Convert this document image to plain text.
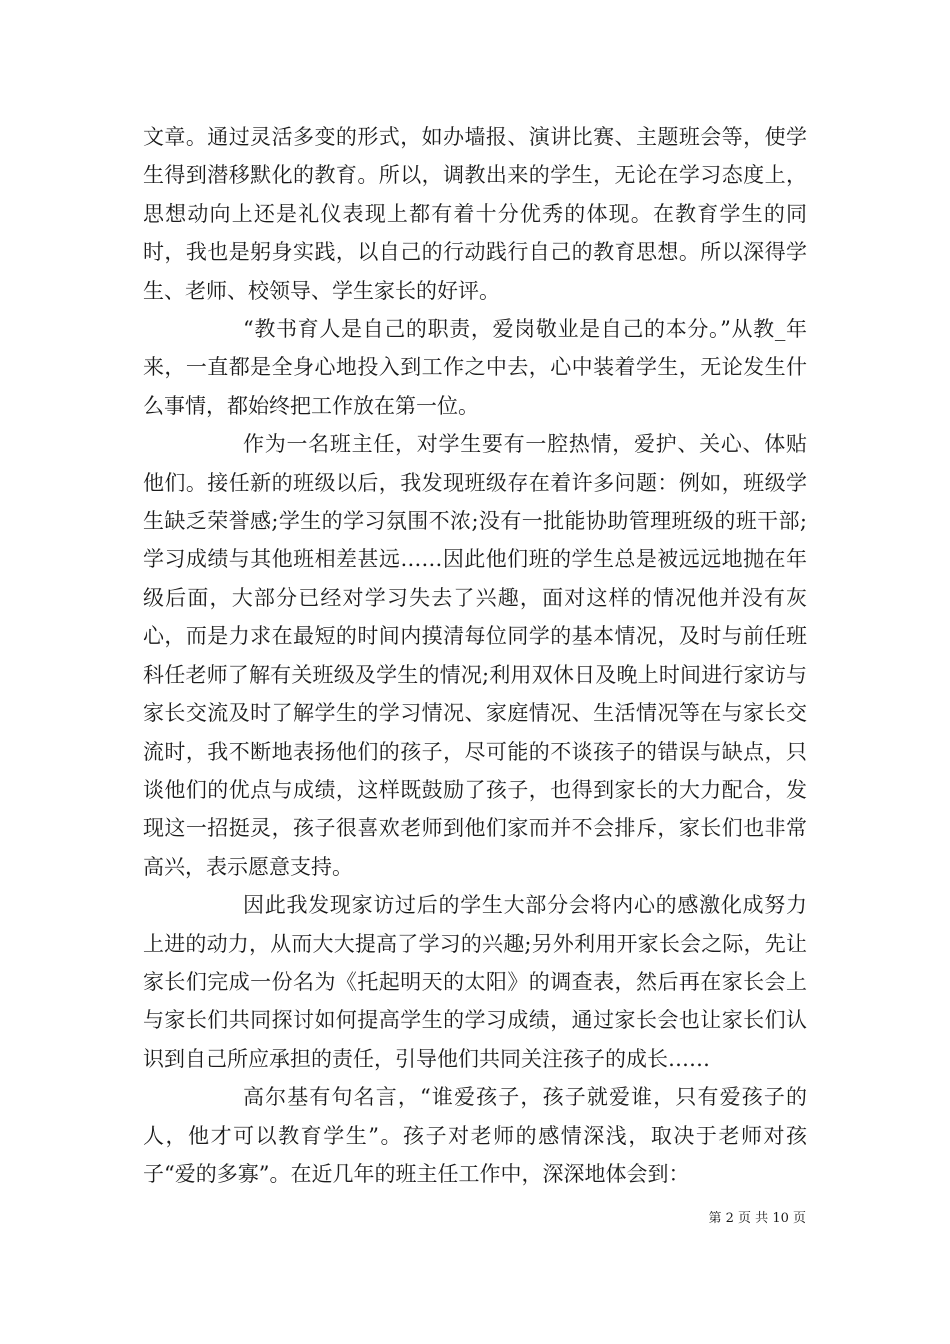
文章。通过灵活多变的形式，如办墙报、演讲比赛、主题班会等，使学生得到潜移默化的教育。所以，调教出来的学生，无论在学习态度上，思想动向上还是礼仪表现上都有着十分优秀的体现。在教育学生的同时，我也是躬身实践，以自己的行动践行自己的教育思想。所以深得学生、老师、校领导、学生家长的好评。

“教书育人是自己的职责，爱岗敬业是自己的本分。”从教_年来，一直都是全身心地投入到工作之中去，心中装着学生，无论发生什么事情，都始终把工作放在第一位。

作为一名班主任，对学生要有一腔热情，爱护、关心、体贴他们。接任新的班级以后，我发现班级存在着许多问题：例如，班级学生缺乏荣誉感;学生的学习氛围不浓;没有一批能协助管理班级的班干部;学习成绩与其他班相差甚远……因此他们班的学生总是被远远地抛在年级后面，大部分已经对学习失去了兴趣，面对这样的情况他并没有灰心，而是力求在最短的时间内摸清每位同学的基本情况，及时与前任班科任老师了解有关班级及学生的情况;利用双休日及晚上时间进行家访与家长交流及时了解学生的学习情况、家庭情况、生活情况等在与家长交流时，我不断地表扬他们的孩子，尽可能的不谈孩子的错误与缺点，只谈他们的优点与成绩，这样既鼓励了孩子，也得到家长的大力配合，发现这一招挺灵，孩子很喜欢老师到他们家而并不会排斥，家长们也非常高兴，表示愿意支持。

因此我发现家访过后的学生大部分会将内心的感激化成努力上进的动力，从而大大提高了学习的兴趣;另外利用开家长会之际，先让家长们完成一份名为《托起明天的太阳》的调查表，然后再在家长会上与家长们共同探讨如何提高学生的学习成绩，通过家长会也让家长们认识到自己所应承担的责任，引导他们共同关注孩子的成长……

高尔基有句名言，“谁爱孩子，孩子就爱谁，只有爱孩子的人，他才可以教育学生”。孩子对老师的感情深浅，取决于老师对孩子“爱的多寡”。在近几年的班主任工作中，深深地体会到：

第 2 页 共 10 页
